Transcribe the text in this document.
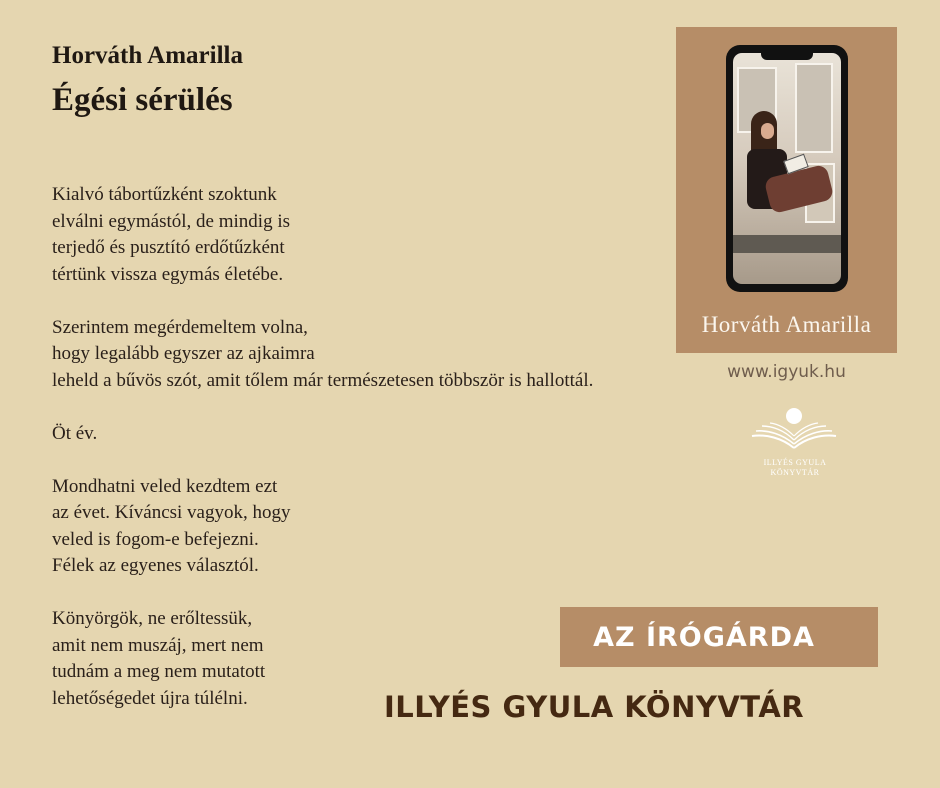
Horváth Amarilla
Égési sérülés
Kialvó tábortűzként szoktunk
elválni egymástól, de mindig is
terjedő és pusztító erdőtűzként
tértünk vissza egymás életébe.
Szerintem megérdemeltem volna,
hogy legalább egyszer az ajkaimra
leheld a bűvös szót, amit tőlem már természetesen többször is hallottál.
Öt év.
Mondhatni veled kezdtem ezt
az évet. Kíváncsi vagyok, hogy
veled is fogom-e befejezni.
Félek az egyenes választól.
Könyörgök, ne erőltessük,
amit nem muszáj, mert nem
tudnám a meg nem mutatott
lehetőségedet újra túlélni.
Horváth Amarilla
www.igyuk.hu
ILLYÉS GYULA
KÖNYVTÁR
AZ ÍRÓGÁRDA
ILLYÉS GYULA KÖNYVTÁR
